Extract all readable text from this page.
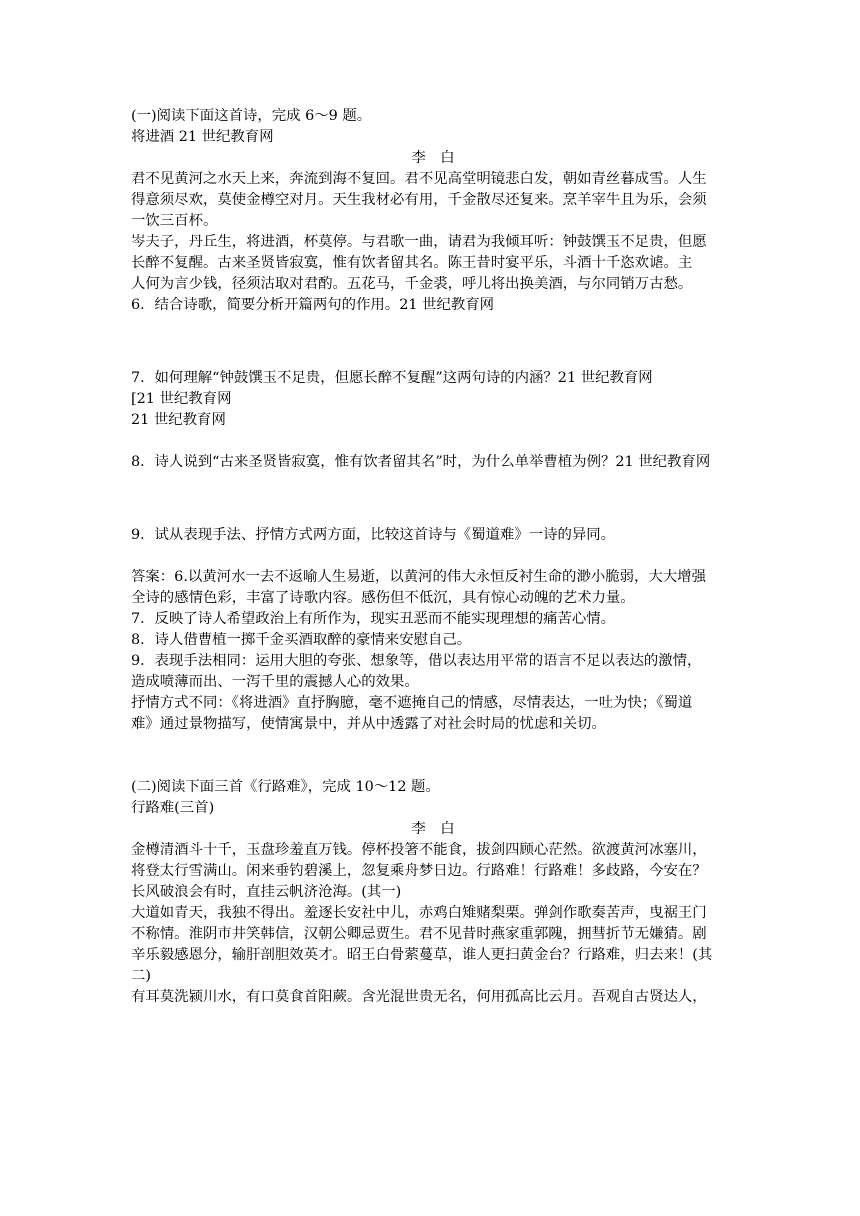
(一)阅读下面这首诗，完成 6～9 题。
将进酒 21 世纪教育网
李　白
君不见黄河之水天上来，奔流到海不复回。君不见高堂明镜悲白发，朝如青丝暮成雪。人生
得意须尽欢，莫使金樽空对月。天生我材必有用，千金散尽还复来。烹羊宰牛且为乐，会须
一饮三百杯。
岑夫子，丹丘生，将进酒，杯莫停。与君歌一曲，请君为我倾耳听：钟鼓馔玉不足贵，但愿
长醉不复醒。古来圣贤皆寂寞，惟有饮者留其名。陈王昔时宴平乐，斗酒十千恣欢谑。主
人何为言少钱，径须沽取对君酌。五花马，千金裘，呼儿将出换美酒，与尔同销万古愁。
6．结合诗歌，简要分析开篇两句的作用。21 世纪教育网
7．如何理解“钟鼓馔玉不足贵，但愿长醉不复醒”这两句诗的内涵？21 世纪教育网
[21 世纪教育网
21 世纪教育网
8．诗人说到“古来圣贤皆寂寞，惟有饮者留其名”时，为什么单举曹植为例？21 世纪教育网
9．试从表现手法、抒情方式两方面，比较这首诗与《蜀道难》一诗的异同。
答案：6.以黄河水一去不返喻人生易逝，以黄河的伟大永恒反衬生命的渺小脆弱，大大增强
全诗的感情色彩，丰富了诗歌内容。感伤但不低沉，具有惊心动魄的艺术力量。
7．反映了诗人希望政治上有所作为，现实丑恶而不能实现理想的痛苦心情。
8．诗人借曹植一掷千金买酒取醉的豪情来安慰自己。
9．表现手法相同：运用大胆的夸张、想象等，借以表达用平常的语言不足以表达的激情，
造成喷薄而出、一泻千里的震撼人心的效果。
抒情方式不同：《将进酒》直抒胸臆，毫不遮掩自己的情感，尽情表达，一吐为快；《蜀道
难》通过景物描写，使情寓景中，并从中透露了对社会时局的忧虑和关切。
(二)阅读下面三首《行路难》，完成 10～12 题。
行路难(三首)
李　白
金樽清酒斗十千，玉盘珍羞直万钱。停杯投箸不能食，拔剑四顾心茫然。欲渡黄河冰塞川，
将登太行雪满山。闲来垂钓碧溪上，忽复乘舟梦日边。行路难！行路难！多歧路，今安在？
长风破浪会有时，直挂云帆济沧海。(其一)
大道如青天，我独不得出。羞逐长安社中儿，赤鸡白雉赌梨栗。弹剑作歌奏苦声，曳裾王门
不称情。淮阴市井笑韩信，汉朝公卿忌贾生。君不见昔时燕家重郭隗，拥彗折节无嫌猜。剧
辛乐毅感恩分，输肝剖胆效英才。昭王白骨萦蔓草，谁人更扫黄金台？行路难，归去来！(其
二)
有耳莫洗颍川水，有口莫食首阳蕨。含光混世贵无名，何用孤高比云月。吾观自古贤达人，
